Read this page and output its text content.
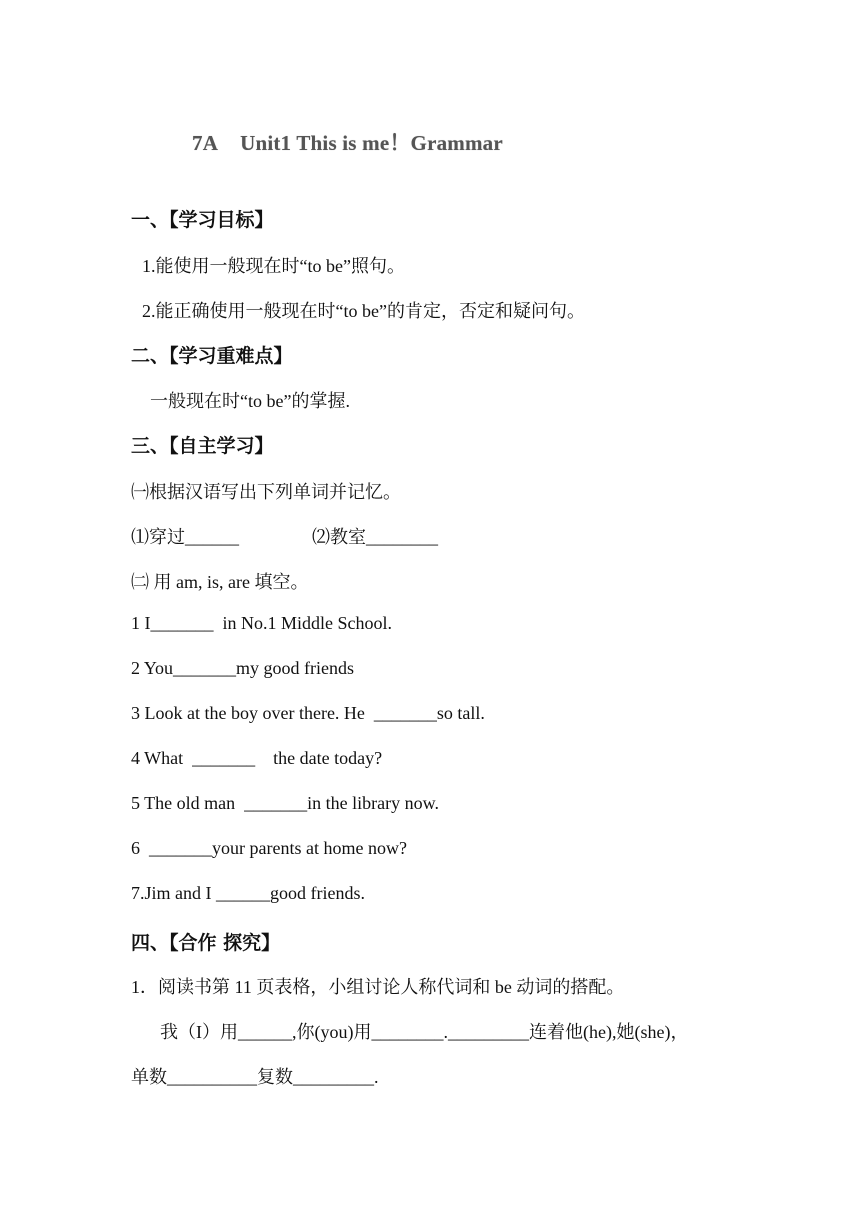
7A Unit1 This is me！Grammar
一、【学习目标】

1.能使用一般现在时“to be”照句。

2.能正确使用一般现在时“to be”的肯定，否定和疑问句。

二、【学习重难点】

一般现在时“to be”的掌握.

三、【自主学习】

㈠根据汉语写出下列单词并记忆。

⑴穿过______	⑵教室________

㈡ 用 am, is, are 填空。

1 I_______  in No.1 Middle School.

2 You_______my good friends

3 Look at the boy over there. He  _______so tall.

4 What  _______    the date today?

5 The old man  _______in the library now.

6  _______your parents at home now?

7.Jim and I ______good friends.

四、【合作 探究】

1．阅读书第 11 页表格，小组讨论人称代词和 be 动词的搭配。

我（I）用______,你(you)用________._________连着他(he),她(she)，

单数__________复数_________.
